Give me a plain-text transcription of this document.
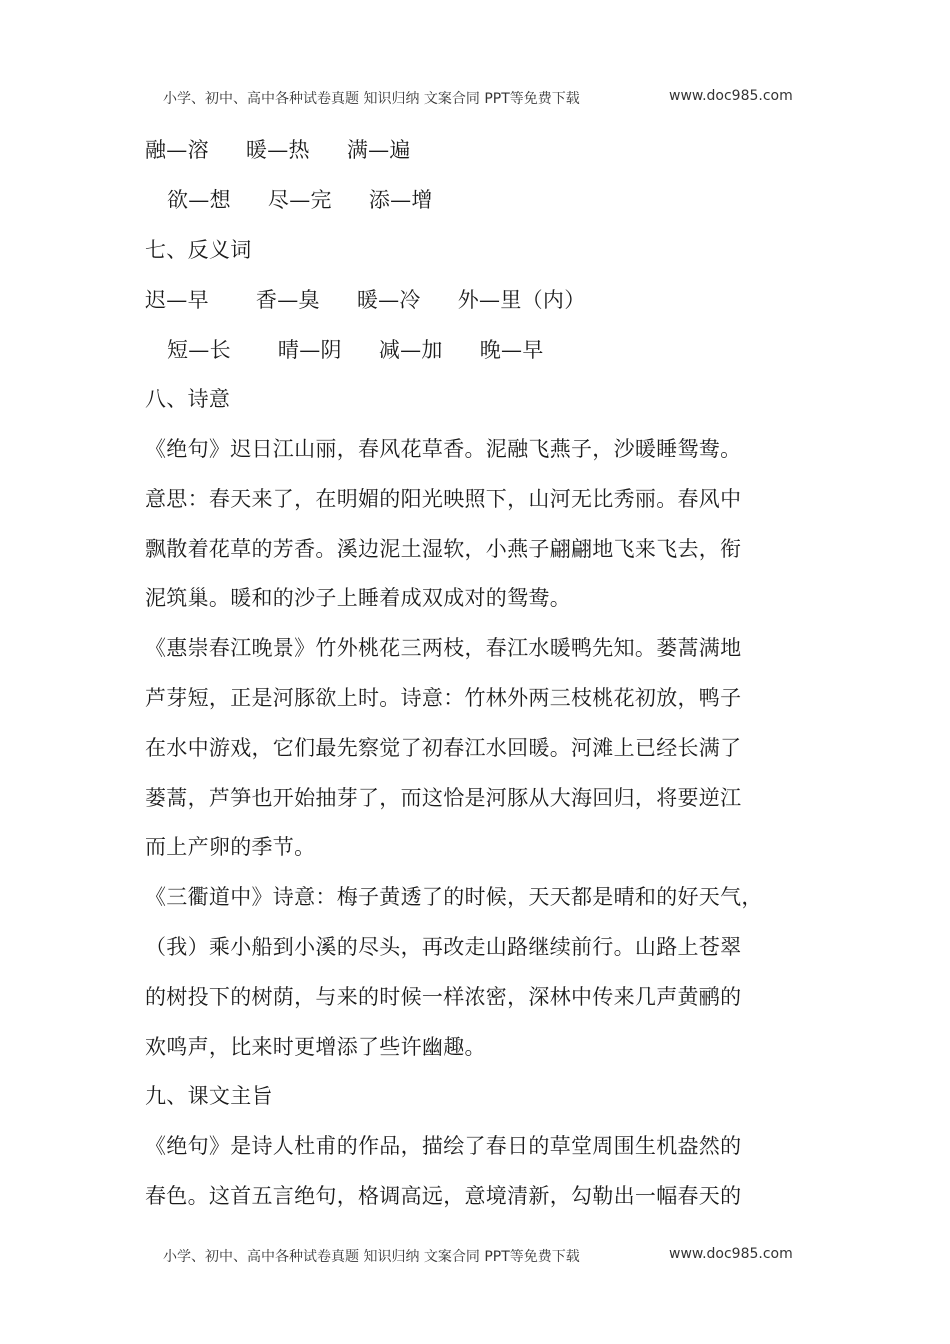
小学、初中、高中各种试卷真题 知识归纳 文案合同 PPT等免费下载	www.doc985.com
融—溶 暖—热 满—遍
欲—想 尽—完 添—增
七、反义词
迟—早 香—臭 暖—冷 外—里（内）
短—长 晴—阴 减—加 晚—早
八、诗意
《绝句》迟日江山丽，春风花草香。泥融飞燕子，沙暖睡鸳鸯。
意思：春天来了，在明媚的阳光映照下，山河无比秀丽。春风中
飘散着花草的芳香。溪边泥土湿软，小燕子翩翩地飞来飞去，衔
泥筑巢。暖和的沙子上睡着成双成对的鸳鸯。
《惠崇春江晚景》竹外桃花三两枝，春江水暖鸭先知。蒌蒿满地
芦芽短，正是河豚欲上时。诗意：竹林外两三枝桃花初放，鸭子
在水中游戏，它们最先察觉了初春江水回暖。河滩上已经长满了
蒌蒿，芦笋也开始抽芽了，而这恰是河豚从大海回归，将要逆江
而上产卵的季节。
《三衢道中》诗意：梅子黄透了的时候，天天都是晴和的好天气，
（我）乘小船到小溪的尽头，再改走山路继续前行。山路上苍翠
的树投下的树荫，与来的时候一样浓密，深林中传来几声黄鹂的
欢鸣声，比来时更增添了些许幽趣。
九、课文主旨
《绝句》是诗人杜甫的作品，描绘了春日的草堂周围生机盎然的
春色。这首五言绝句，格调高远，意境清新，勾勒出一幅春天的
小学、初中、高中各种试卷真题 知识归纳 文案合同 PPT等免费下载	www.doc985.com
